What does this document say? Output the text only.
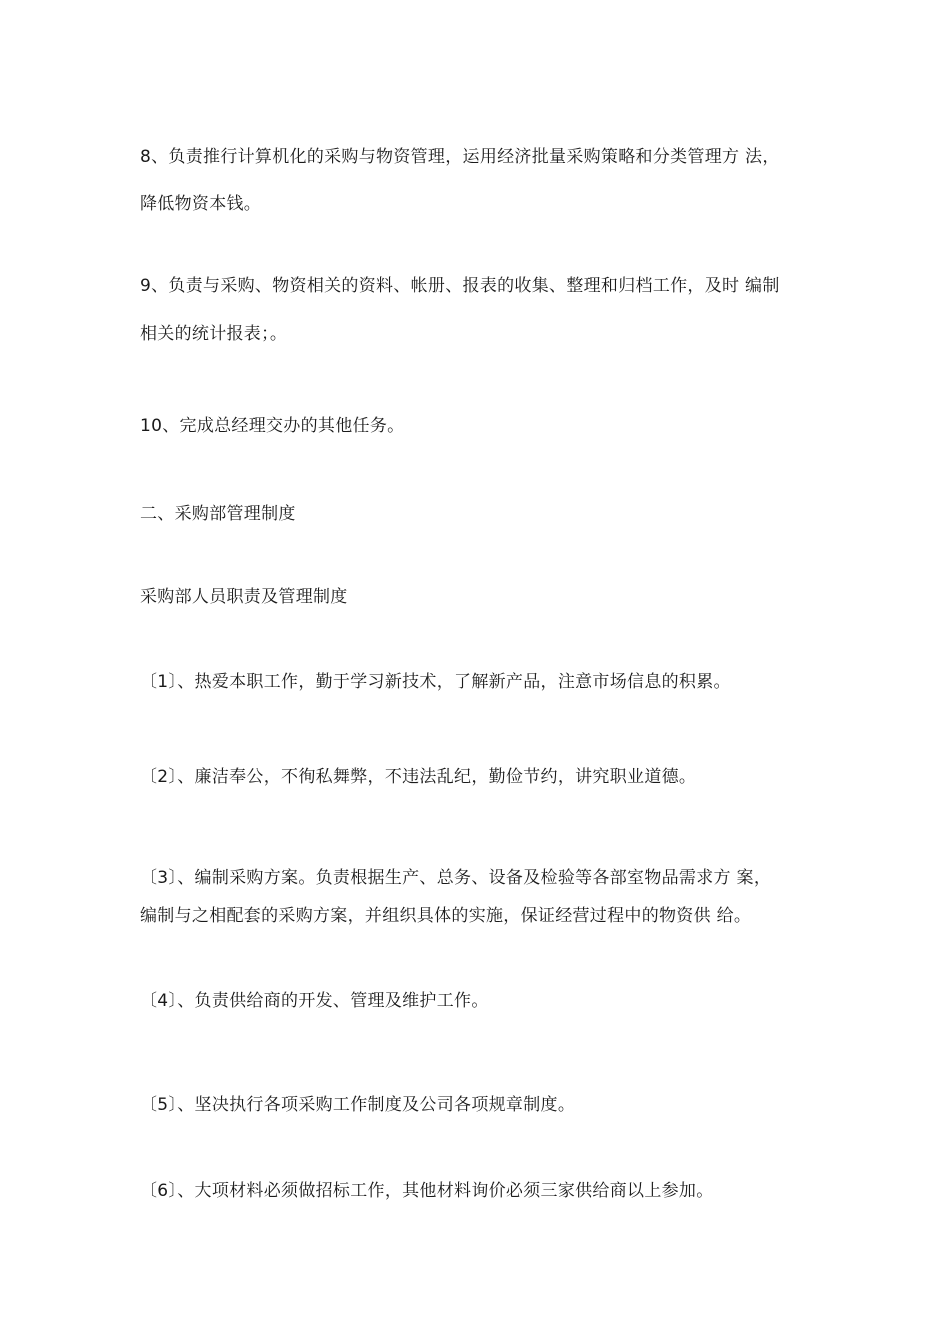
8、负责推行计算机化的采购与物资管理，运用经济批量采购策略和分类管理方 法，

降低物资本钱。

9、负责与采购、物资相关的资料、帐册、报表的收集、整理和归档工作，及时 编制

相关的统计报表；。

10、完成总经理交办的其他任务。

二、采购部管理制度

采购部人员职责及管理制度

〔1〕、热爱本职工作，勤于学习新技术，了解新产品，注意市场信息的积累。

〔2〕、廉洁奉公，不徇私舞弊，不违法乱纪，勤俭节约，讲究职业道德。

〔3〕、编制采购方案。负责根据生产、总务、设备及检验等各部室物品需求方 案，

编制与之相配套的采购方案，并组织具体的实施，保证经营过程中的物资供 给。

〔4〕、负责供给商的开发、管理及维护工作。

〔5〕、坚决执行各项采购工作制度及公司各项规章制度。

〔6〕、大项材料必须做招标工作，其他材料询价必须三家供给商以上参加。
